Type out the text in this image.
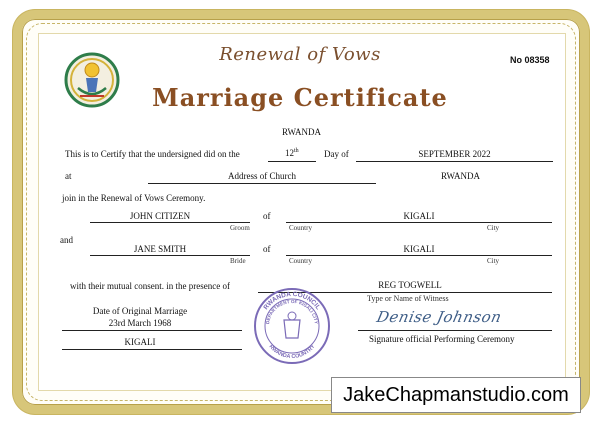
Renewal of Vows
Marriage Certificate
No 08358
RWANDA
This is to Certify that the undersigned did on the	12th	Day of	SEPTEMBER 2022
at	Address of Church	RWANDA
join in the Renewal of Vows Ceremony.
JOHN CITIZEN
Groom
of	KIGALI
Country	City
and
JANE SMITH
Bride
of	KIGALI
Country	City
with their mutual consent. in the presence of	REG TOGWELL
Type or Name of Witness
Date of Original Marriage
23rd March 1968
KIGALI
RWANDA COUNCIL
DEPARTMENT OF KIGALI CITY
RWANDA COUNTRY
Denise Johnson
Signature official Performing Ceremony
JakeChapmanstudio.com
